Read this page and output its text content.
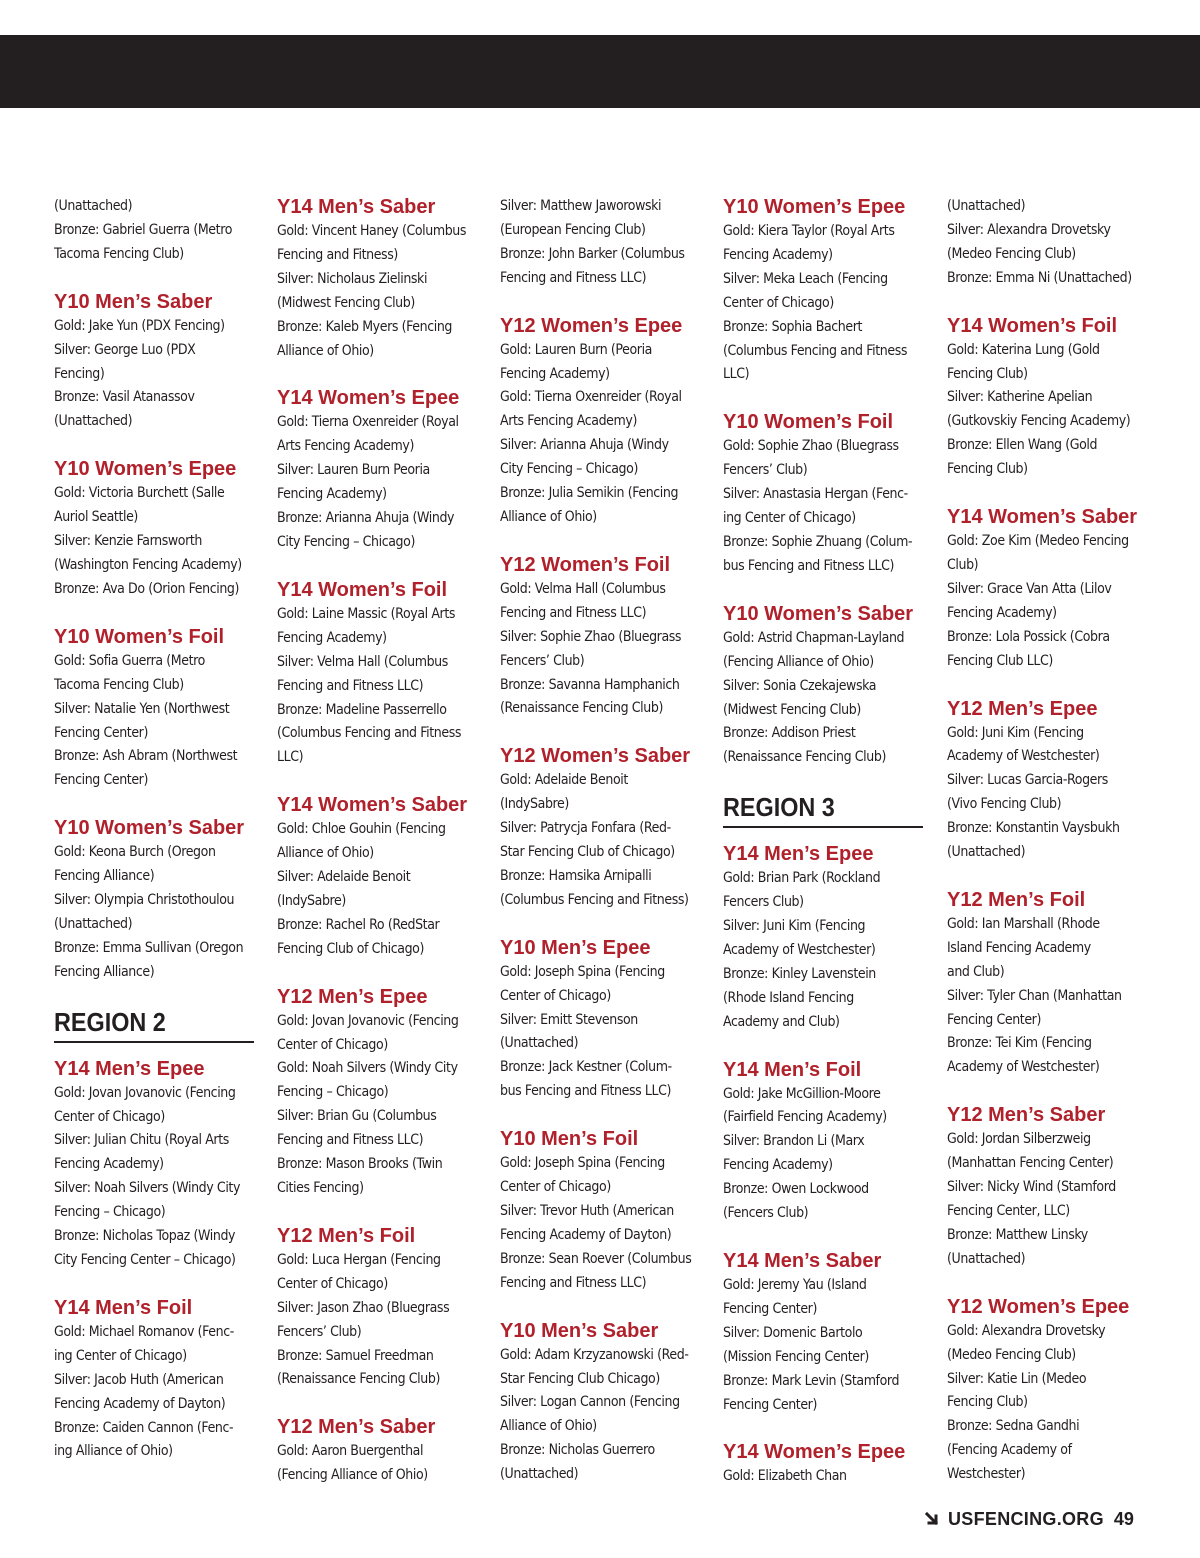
(Unattached)

Bronze: Gabriel Guerra (Metro

Tacoma Fencing Club)

Y10 Men’s Saber

Gold: Jake Yun (PDX Fencing)

Silver: George Luo (PDX

Fencing)

Bronze: Vasil Atanassov

(Unattached)

Y10 Women’s Epee

Gold: Victoria Burchett (Salle

Auriol Seattle)

Silver: Kenzie Farnsworth

(Washington Fencing Academy)

Bronze: Ava Do (Orion Fencing)

Y10 Women’s Foil

Gold: Sofia Guerra (Metro

Tacoma Fencing Club)

Silver: Natalie Yen (Northwest

Fencing Center)

Bronze: Ash Abram (Northwest

Fencing Center)

Y10 Women’s Saber

Gold: Keona Burch (Oregon

Fencing Alliance)

Silver: Olympia Christothoulou

(Unattached)

Bronze: Emma Sullivan (Oregon

Fencing Alliance)

REGION 2
Y14 Men’s Epee

Gold: Jovan Jovanovic (Fencing

Center of Chicago)

Silver: Julian Chitu (Royal Arts

Fencing Academy)

Silver: Noah Silvers (Windy City

Fencing – Chicago)

Bronze: Nicholas Topaz (Windy

City Fencing Center – Chicago)

Y14 Men’s Foil

Gold: Michael Romanov (Fenc-

ing Center of Chicago)

Silver: Jacob Huth (American

Fencing Academy of Dayton)

Bronze: Caiden Cannon (Fenc-

ing Alliance of Ohio)

Y14 Men’s Saber

Gold: Vincent Haney (Columbus

Fencing and Fitness)

Silver: Nicholaus Zielinski

(Midwest Fencing Club)

Bronze: Kaleb Myers (Fencing

Alliance of Ohio)

Y14 Women’s Epee

Gold: Tierna Oxenreider (Royal

Arts Fencing Academy)

Silver: Lauren Burn Peoria

Fencing Academy)

Bronze: Arianna Ahuja (Windy

City Fencing – Chicago)

Y14 Women’s Foil

Gold: Laine Massic (Royal Arts

Fencing Academy)

Silver: Velma Hall (Columbus

Fencing and Fitness LLC)

Bronze: Madeline Passerrello

(Columbus Fencing and Fitness

LLC)

Y14 Women’s Saber

Gold: Chloe Gouhin (Fencing

Alliance of Ohio)

Silver: Adelaide Benoit

(IndySabre)

Bronze: Rachel Ro (RedStar

Fencing Club of Chicago)

Y12 Men’s Epee

Gold: Jovan Jovanovic (Fencing

Center of Chicago)

Gold: Noah Silvers (Windy City

Fencing – Chicago)

Silver: Brian Gu (Columbus

Fencing and Fitness LLC)

Bronze: Mason Brooks (Twin

Cities Fencing)

Y12 Men’s Foil

Gold: Luca Hergan (Fencing

Center of Chicago)

Silver: Jason Zhao (Bluegrass

Fencers’ Club)

Bronze: Samuel Freedman

(Renaissance Fencing Club)

Y12 Men’s Saber

Gold: Aaron Buergenthal

(Fencing Alliance of Ohio)

Silver: Matthew Jaworowski

(European Fencing Club)

Bronze: John Barker (Columbus

Fencing and Fitness LLC)

Y12 Women’s Epee

Gold: Lauren Burn (Peoria

Fencing Academy)

Gold: Tierna Oxenreider (Royal

Arts Fencing Academy)

Silver: Arianna Ahuja (Windy

City Fencing – Chicago)

Bronze: Julia Semikin (Fencing

Alliance of Ohio)

Y12 Women’s Foil

Gold: Velma Hall (Columbus

Fencing and Fitness LLC)

Silver: Sophie Zhao (Bluegrass

Fencers’ Club)

Bronze: Savanna Hamphanich

(Renaissance Fencing Club)

Y12 Women’s Saber

Gold: Adelaide Benoit

(IndySabre)

Silver: Patrycja Fonfara (Red-

Star Fencing Club of Chicago)

Bronze: Hamsika Arnipalli

(Columbus Fencing and Fitness)

Y10 Men’s Epee

Gold: Joseph Spina (Fencing

Center of Chicago)

Silver: Emitt Stevenson

(Unattached)

Bronze: Jack Kestner (Colum-

bus Fencing and Fitness LLC)

Y10 Men’s Foil

Gold: Joseph Spina (Fencing

Center of Chicago)

Silver: Trevor Huth (American

Fencing Academy of Dayton)

Bronze: Sean Roever (Columbus

Fencing and Fitness LLC)

Y10 Men’s Saber

Gold: Adam Krzyzanowski (Red-

Star Fencing Club Chicago)

Silver: Logan Cannon (Fencing

Alliance of Ohio)

Bronze: Nicholas Guerrero

(Unattached)

Y10 Women’s Epee

Gold: Kiera Taylor (Royal Arts

Fencing Academy)

Silver: Meka Leach (Fencing

Center of Chicago)

Bronze: Sophia Bachert

(Columbus Fencing and Fitness

LLC)

Y10 Women’s Foil

Gold: Sophie Zhao (Bluegrass

Fencers’ Club)

Silver: Anastasia Hergan (Fenc-

ing Center of Chicago)

Bronze: Sophie Zhuang (Colum-

bus Fencing and Fitness LLC)

Y10 Women’s Saber

Gold: Astrid Chapman-Layland

(Fencing Alliance of Ohio)

Silver: Sonia Czekajewska

(Midwest Fencing Club)

Bronze: Addison Priest

(Renaissance Fencing Club)

REGION 3
Y14 Men’s Epee

Gold: Brian Park (Rockland

Fencers Club)

Silver: Juni Kim (Fencing

Academy of Westchester)

Bronze: Kinley Lavenstein

(Rhode Island Fencing

Academy and Club)

Y14 Men’s Foil

Gold: Jake McGillion-Moore

(Fairfield Fencing Academy)

Silver: Brandon Li (Marx

Fencing Academy)

Bronze: Owen Lockwood

(Fencers Club)

Y14 Men’s Saber

Gold: Jeremy Yau (Island

Fencing Center)

Silver: Domenic Bartolo

(Mission Fencing Center)

Bronze: Mark Levin (Stamford

Fencing Center)

Y14 Women’s Epee

Gold: Elizabeth Chan

(Unattached)

Silver: Alexandra Drovetsky

(Medeo Fencing Club)

Bronze: Emma Ni (Unattached)

Y14 Women’s Foil

Gold: Katerina Lung (Gold

Fencing Club)

Silver: Katherine Apelian

(Gutkovskiy Fencing Academy)

Bronze: Ellen Wang (Gold

Fencing Club)

Y14 Women’s Saber

Gold: Zoe Kim (Medeo Fencing

Club)

Silver: Grace Van Atta (Lilov

Fencing Academy)

Bronze: Lola Possick (Cobra

Fencing Club LLC)

Y12 Men’s Epee

Gold: Juni Kim (Fencing

Academy of Westchester)

Silver: Lucas Garcia-Rogers

(Vivo Fencing Club)

Bronze: Konstantin Vaysbukh

(Unattached)

Y12 Men’s Foil

Gold: Ian Marshall (Rhode

Island Fencing Academy

and Club)

Silver: Tyler Chan (Manhattan

Fencing Center)

Bronze: Tei Kim (Fencing

Academy of Westchester)

Y12 Men’s Saber

Gold: Jordan Silberzweig

(Manhattan Fencing Center)

Silver: Nicky Wind (Stamford

Fencing Center, LLC)

Bronze: Matthew Linsky

(Unattached)

Y12 Women’s Epee

Gold: Alexandra Drovetsky

(Medeo Fencing Club)

Silver: Katie Lin (Medeo

Fencing Club)

Bronze: Sedna Gandhi

(Fencing Academy of

Westchester)

USFENCING.ORG 49
